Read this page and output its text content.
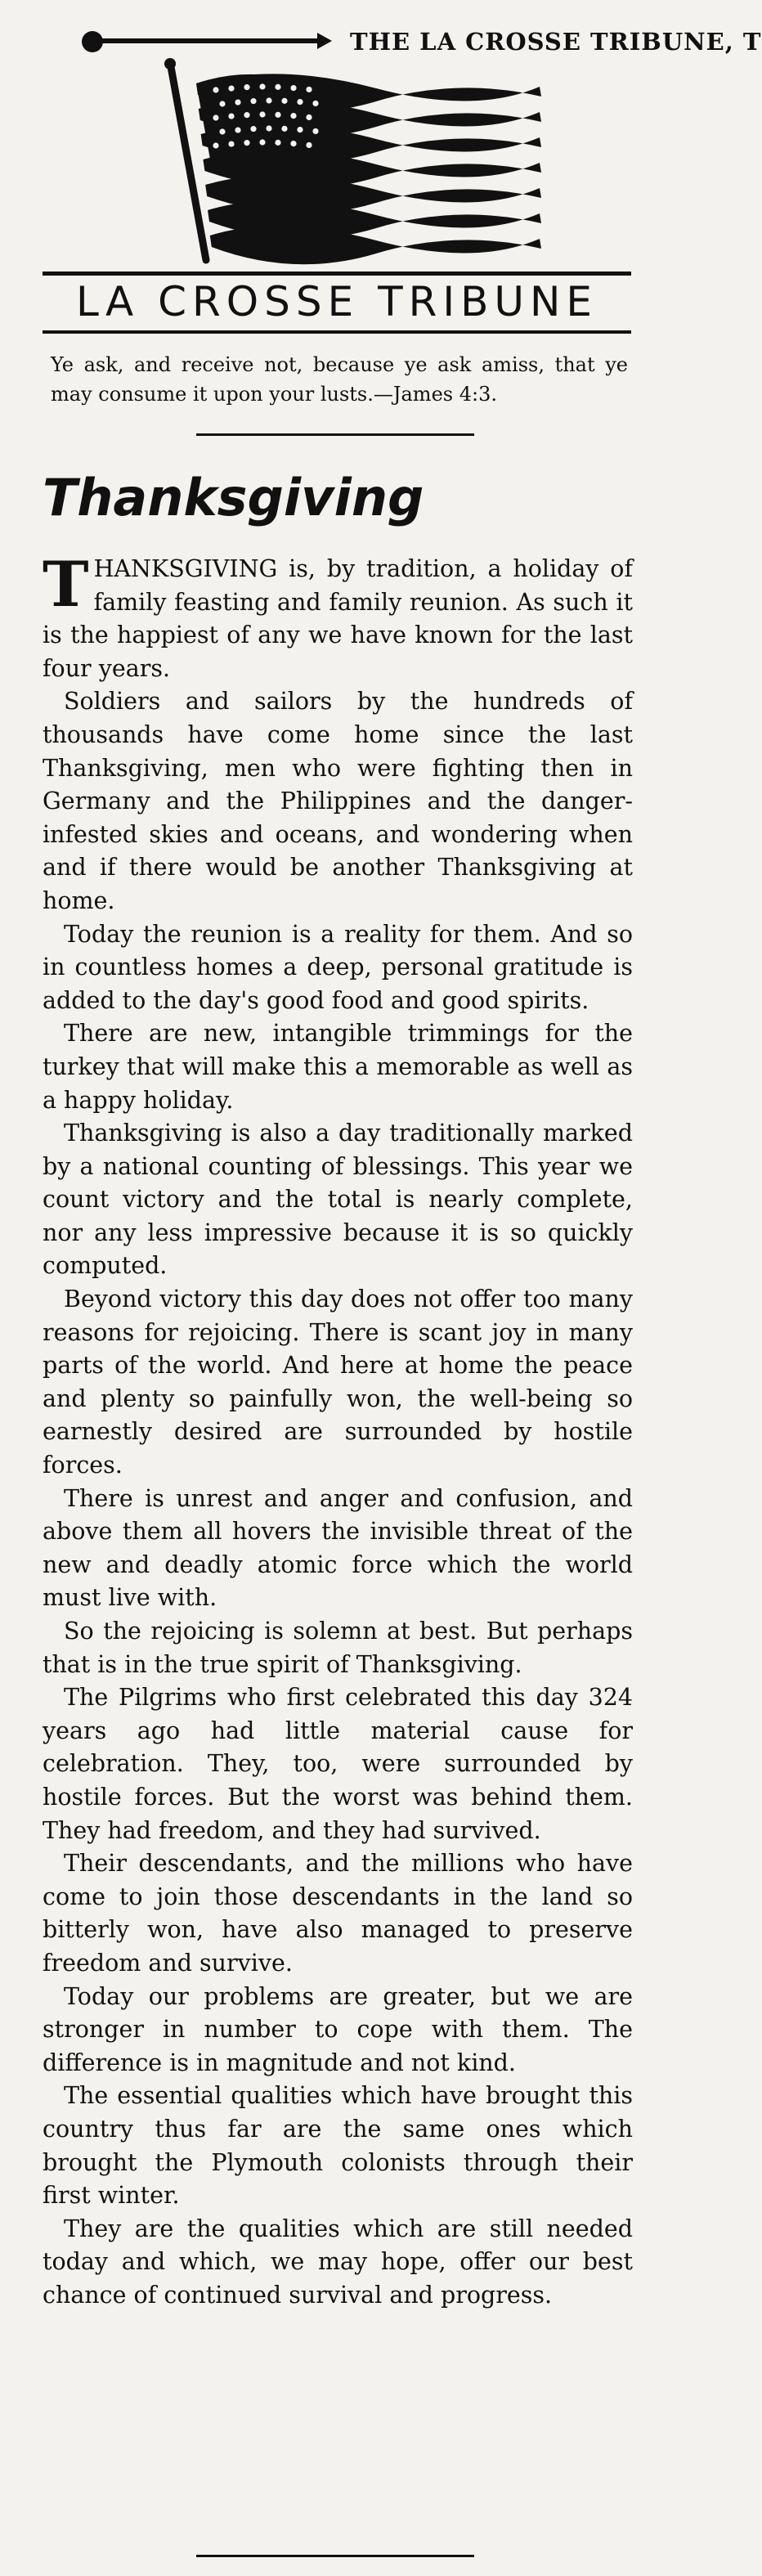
THE LA CROSSE TRIBUNE, T
LA CROSSE TRIBUNE
Ye ask, and receive not, because ye ask amiss, that ye may consume it upon your lusts.—James 4:3.
Thanksgiving

THANKSGIVING is, by tradition, a holiday of family feasting and family reunion. As such it is the happiest of any we have known for the last four years.

Soldiers and sailors by the hundreds of thousands have come home since the last Thanksgiving, men who were fighting then in Germany and the Philippines and the danger-infested skies and oceans, and wondering when and if there would be another Thanksgiving at home.

Today the reunion is a reality for them. And so in countless homes a deep, personal gratitude is added to the day's good food and good spirits.

There are new, intangible trimmings for the turkey that will make this a memorable as well as a happy holiday.

Thanksgiving is also a day traditionally marked by a national counting of blessings. This year we count victory and the total is nearly complete, nor any less impressive because it is so quickly computed.

Beyond victory this day does not offer too many reasons for rejoicing. There is scant joy in many parts of the world. And here at home the peace and plenty so painfully won, the well-being so earnestly desired are surrounded by hostile forces.

There is unrest and anger and confusion, and above them all hovers the invisible threat of the new and deadly atomic force which the world must live with.

So the rejoicing is solemn at best. But perhaps that is in the true spirit of Thanksgiving.

The Pilgrims who first celebrated this day 324 years ago had little material cause for celebration. They, too, were surrounded by hostile forces. But the worst was behind them. They had freedom, and they had survived.

Their descendants, and the millions who have come to join those descendants in the land so bitterly won, have also managed to preserve freedom and survive.

Today our problems are greater, but we are stronger in number to cope with them. The difference is in magnitude and not kind.

The essential qualities which have brought this country thus far are the same ones which brought the Plymouth colonists through their first winter.

They are the qualities which are still needed today and which, we may hope, offer our best chance of continued survival and progress.
